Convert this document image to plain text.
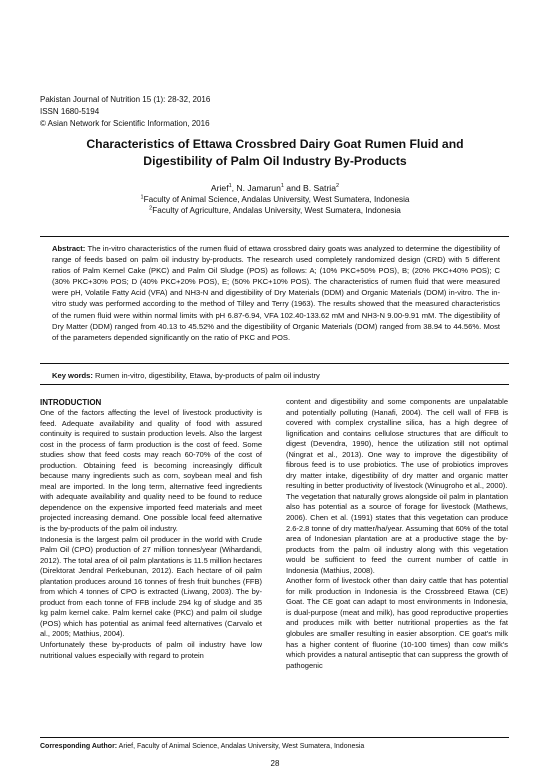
Pakistan Journal of Nutrition 15 (1): 28-32, 2016
ISSN 1680-5194
© Asian Network for Scientific Information, 2016
Characteristics of Ettawa Crossbred Dairy Goat Rumen Fluid and
Digestibility of Palm Oil Industry By-Products
Arief$^1$, N. Jamarun$^1$ and B. Satria$^2$
$^1$Faculty of Animal Science, Andalas University, West Sumatera, Indonesia
$^2$Faculty of Agriculture, Andalas University, West Sumatera, Indonesia
Abstract: The in-vitro characteristics of the rumen fluid of ettawa crossbred dairy goats was analyzed to determine the digestibility of range of feeds based on palm oil industry by-products. The research used completely randomized design (CRD) with 5 different ratios of Palm Kernel Cake (PKC) and Palm Oil Sludge (POS) as follows: A; (10% PKC+50% POS), B; (20% PKC+40% POS); C (30% PKC+30% POS; D (40% PKC+20% POS), E; (50% PKC+10% POS). The characteristics of rumen fluid that were measured were pH, Volatile Fatty Acid (VFA) and NH3-N and digestibility of Dry Materials (DDM) and Organic Materials (DOM) in-vitro. The in-vitro study was performed according to the method of Tilley and Terry (1963). The results showed that the measured characteristics of the rumen fluid were within normal limits with pH 6.87-6.94, VFA 102.40-133.62 mM and NH3-N 9.00-9.91 mM. The digestibility of Dry Matter (DDM) ranged from 40.13 to 45.52% and the digestibility of Organic Materials (DOM) ranged from 38.94 to 44.56%. Most of the parameters depended significantly on the ratio of PKC and POS.
Key words: Rumen in-vitro, digestibility, Etawa, by-products of palm oil industry
INTRODUCTION

One of the factors affecting the level of livestock productivity is feed. Adequate availability and quality of food with assured continuity is required to sustain production levels. Also the largest cost in the process of farm production is the cost of feed. Some studies show that feed costs may reach 60-70% of the cost of production. Obtaining feed is becoming increasingly difficult because many ingredients such as corn, soybean meal and fish meal are imported. In the long term, alternative feed ingredients with adequate availability and quality need to be found to reduce dependence on the expensive imported feed materials and meet projected increasing demand. One possible local feed alternative is the by-products of the palm oil industry.

Indonesia is the largest palm oil producer in the world with Crude Palm Oil (CPO) production of 27 million tonnes/year (Wihardandi, 2012). The total area of oil palm plantations is 11.5 million hectares (Direktorat Jendral Perkebunan, 2012). Each hectare of oil palm plantation produces around 16 tonnes of fresh fruit bunches (FFB) from which 4 tonnes of CPO is extracted (Liwang, 2003). The by-product from each tonne of FFB include 294 kg of sludge and 35 kg palm kernel cake. Palm kernel cake (PKC) and palm oil sludge (POS) which has potential as animal feed alternatives (Carvalo et al., 2005; Mathius, 2004).

Unfortunately these by-products of palm oil industry have low nutritional values especially with regard to protein

content and digestibility and some components are unpalatable and potentially polluting (Hanafi, 2004). The cell wall of FFB is covered with complex crystalline silica, has a high degree of lignification and contains cellulose structures that are difficult to digest (Devendra, 1990), hence the utilization still not optimal (Ningrat et al., 2013). One way to improve the digestibility of fibrous feed is to use probiotics. The use of probiotics improves dry matter intake, digestibility of dry matter and organic matter resulting in better productivity of livestock (Winugroho et al., 2000).

The vegetation that naturally grows alongside oil palm in plantation also has potential as a source of forage for livestock (Mathews, 2006). Chen et al. (1991) states that this vegetation can produce 2.6-2.8 tonne of dry matter/ha/year. Assuming that 60% of the total area of Indonesian plantation are at a productive stage the by-products from the palm oil industry along with this vegetation would be sufficient to feed the current number of cattle in Indonesia (Mathius, 2008).

Another form of livestock other than dairy cattle that has potential for milk production in Indonesia is the Crossbreed Etawa (CE) Goat. The CE goat can adapt to most environments in Indonesia, is dual-purpose (meat and milk), has good reproductive properties and produces milk with better nutritional properties as the fat globules are smaller resulting in easier absorption. CE goat's milk has a higher content of fluorine (10-100 times) than cow milk's which provides a natural antiseptic that can suppress the growth of pathogenic

Corresponding Author: Arief, Faculty of Animal Science, Andalas University, West Sumatera, Indonesia
28
